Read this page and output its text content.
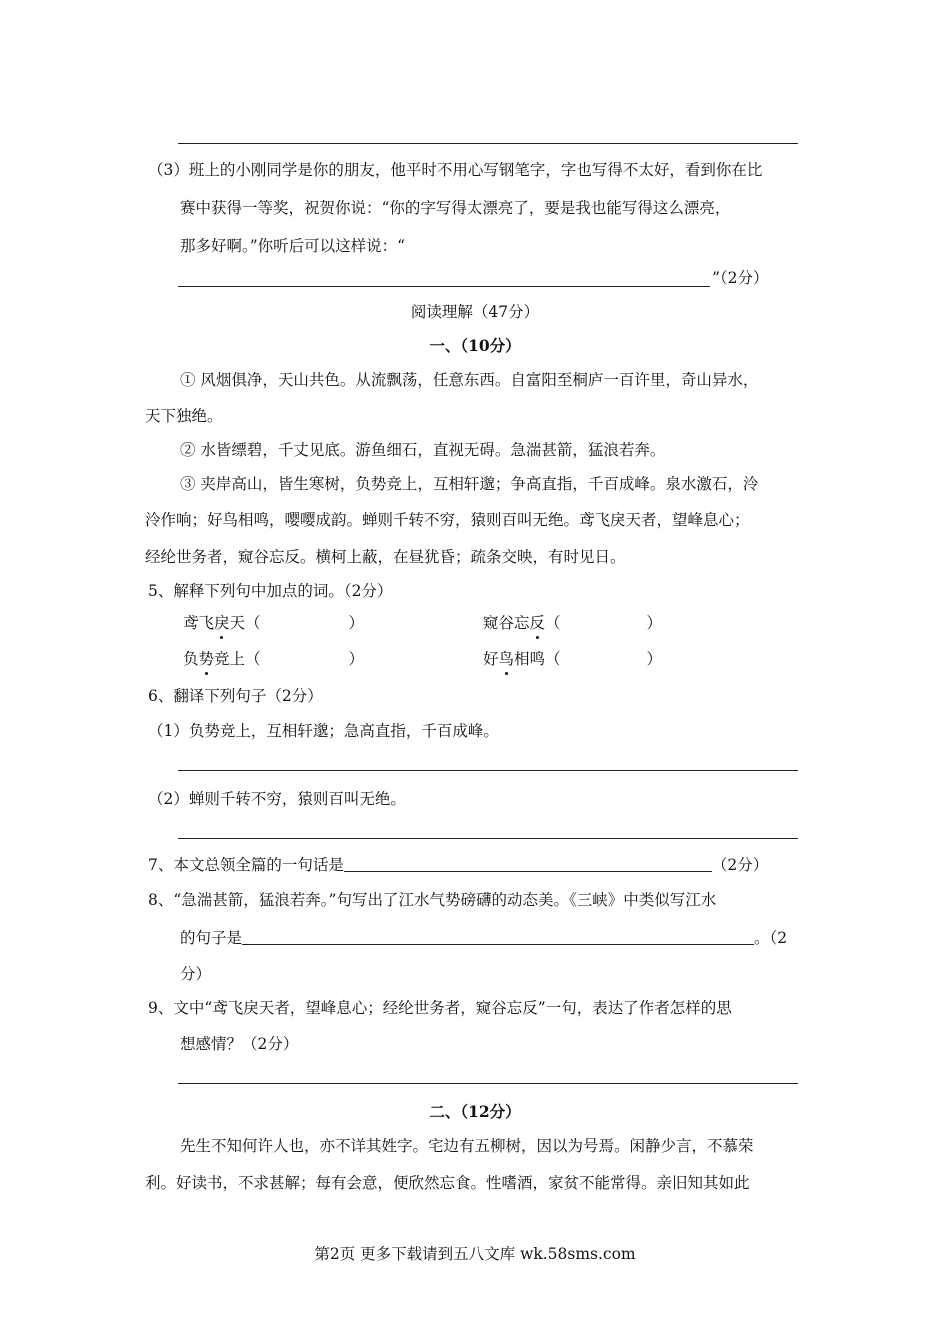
（3）班上的小刚同学是你的朋友，他平时不用心写钢笔字，字也写得不太好，看到你在比
赛中获得一等奖，祝贺你说：“你的字写得太漂亮了，要是我也能写得这么漂亮，
那多好啊。”你听后可以这样说：“
”（2分）
阅读理解（47分）
一、（10分）
① 风烟俱净，天山共色。从流飘荡，任意东西。自富阳至桐庐一百许里，奇山异水，
天下独绝。
② 水皆缥碧，千丈见底。游鱼细石，直视无碍。急湍甚箭，猛浪若奔。
③ 夹岸高山，皆生寒树，负势竞上，互相轩邈；争高直指，千百成峰。泉水激石，泠
泠作响；好鸟相鸣，嘤嘤成韵。蝉则千转不穷，猿则百叫无绝。鸢飞戾天者，望峰息心；
经纶世务者，窥谷忘反。横柯上蔽，在昼犹昏；疏条交映，有时见日。
5、解释下列句中加点的词。（2分）
鸢飞戾天（	）	窥谷忘反（	）
负势竞上（	）	好鸟相鸣（	）
6、翻译下列句子（2分）
（1）负势竞上，互相轩邈；急高直指，千百成峰。
（2）蝉则千转不穷，猿则百叫无绝。
7、本文总领全篇的一句话是	（2分）
8、“急湍甚箭，猛浪若奔。”句写出了江水气势磅礴的动态美。《三峡》中类似写江水
的句子是	。（2
分）
9、文中“鸢飞戾天者，望峰息心；经纶世务者，窥谷忘反”一句，表达了作者怎样的思
想感情？（2分）
二、（12分）
先生不知何许人也，亦不详其姓字。宅边有五柳树，因以为号焉。闲静少言，不慕荣
利。好读书，不求甚解；每有会意，便欣然忘食。性嗜酒，家贫不能常得。亲旧知其如此
第2页 更多下载请到五八文库 wk.58sms.com
